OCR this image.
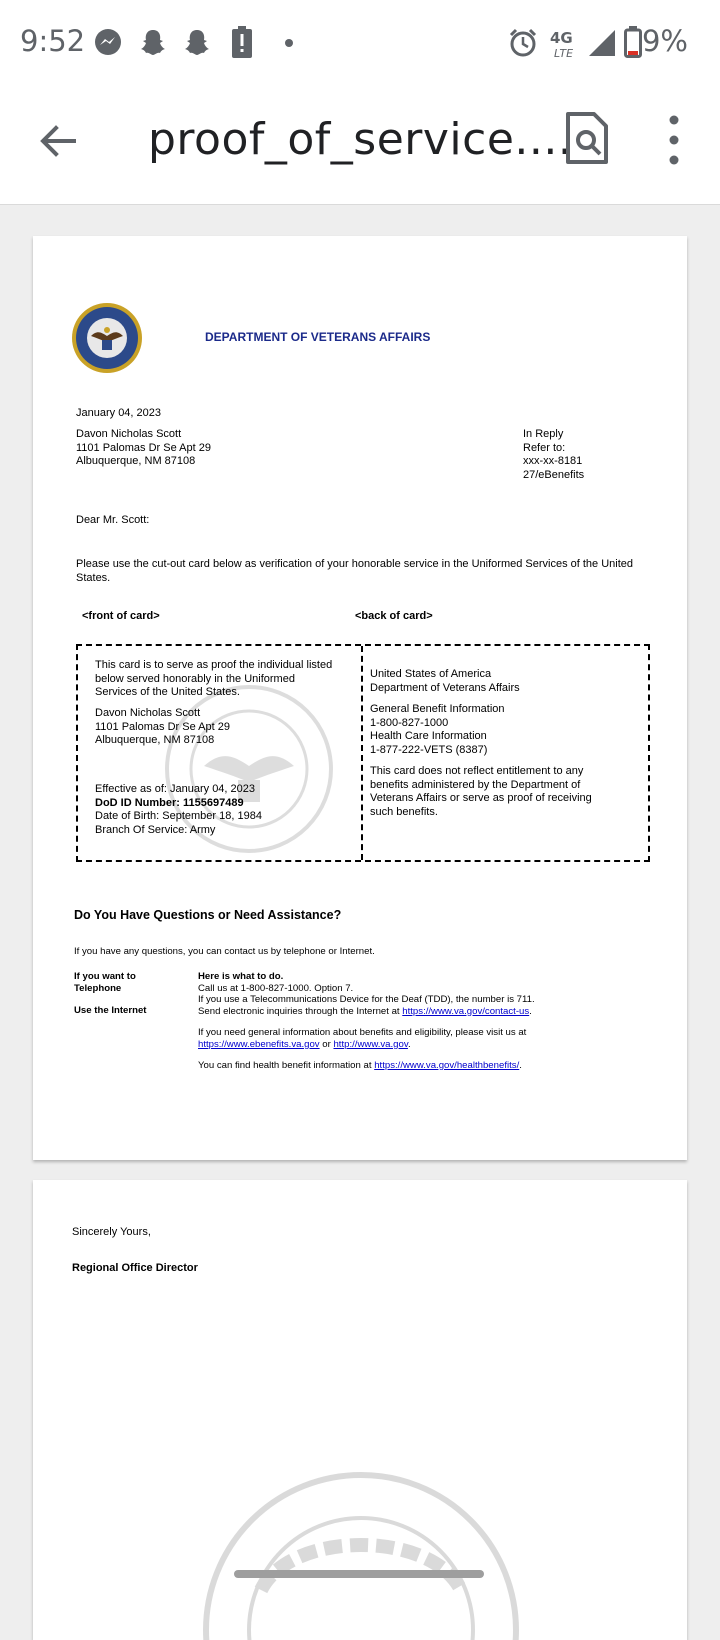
9:52	4G
LTE 9%
proof_of_service....
DEPARTMENT OF VETERANS AFFAIRS
January 04, 2023
Davon Nicholas Scott
1101 Palomas Dr Se Apt 29
Albuquerque, NM 87108
In Reply
Refer to:
xxx-xx-8181
27/eBenefits
Dear Mr. Scott:
Please use the cut-out card below as verification of your honorable service in the Uniformed Services of the United States.
<front of card>	<back of card>
This card is to serve as proof the individual listed
below served honorably in the Uniformed
Services of the United States.
Davon Nicholas Scott
1101 Palomas Dr Se Apt 29
Albuquerque, NM 87108
Effective as of: January 04, 2023
DoD ID Number: 1155697489
Date of Birth: September 18, 1984
Branch Of Service: Army
United States of America
Department of Veterans Affairs
General Benefit Information
1-800-827-1000
Health Care Information
1-877-222-VETS (8387)
This card does not reflect entitlement to any
benefits administered by the Department of
Veterans Affairs or serve as proof of receiving
such benefits.
Do You Have Questions or Need Assistance?
If you have any questions, you can contact us by telephone or Internet.
If you want to
Telephone
Use the Internet
Here is what to do.
Call us at 1-800-827-1000. Option 7.
If you use a Telecommunications Device for the Deaf (TDD), the number is 711.
Send electronic inquiries through the Internet at https://www.va.gov/contact-us.
If you need general information about benefits and eligibility, please visit us at
https://www.ebenefits.va.gov or http://www.va.gov.
You can find health benefit information at https://www.va.gov/healthbenefits/.
Sincerely Yours,
Regional Office Director
